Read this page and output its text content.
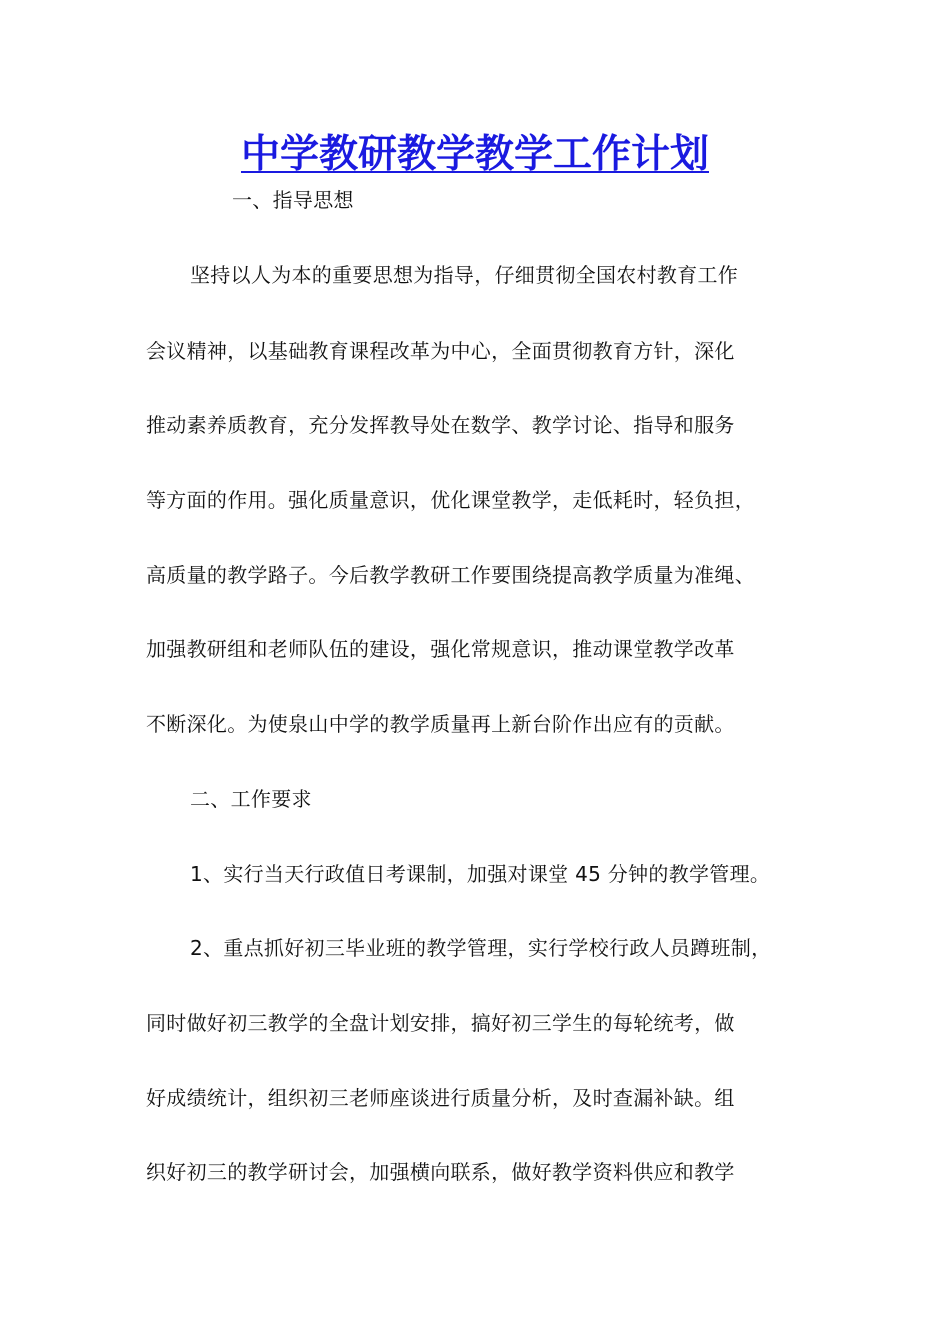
中学教研教学教学工作计划
一、指导思想
坚持以人为本的重要思想为指导，仔细贯彻全国农村教育工作
会议精神，以基础教育课程改革为中心，全面贯彻教育方针，深化
推动素养质教育，充分发挥教导处在数学、教学讨论、指导和服务
等方面的作用。强化质量意识，优化课堂教学，走低耗时，轻负担，
高质量的教学路子。今后教学教研工作要围绕提高教学质量为准绳、
加强教研组和老师队伍的建设，强化常规意识，推动课堂教学改革
不断深化。为使泉山中学的教学质量再上新台阶作出应有的贡献。
二、工作要求
1、实行当天行政值日考课制，加强对课堂 45 分钟的教学管理。
2、重点抓好初三毕业班的教学管理，实行学校行政人员蹲班制，
同时做好初三教学的全盘计划安排，搞好初三学生的每轮统考，做
好成绩统计，组织初三老师座谈进行质量分析，及时查漏补缺。组
织好初三的教学研讨会，加强横向联系，做好教学资料供应和教学
